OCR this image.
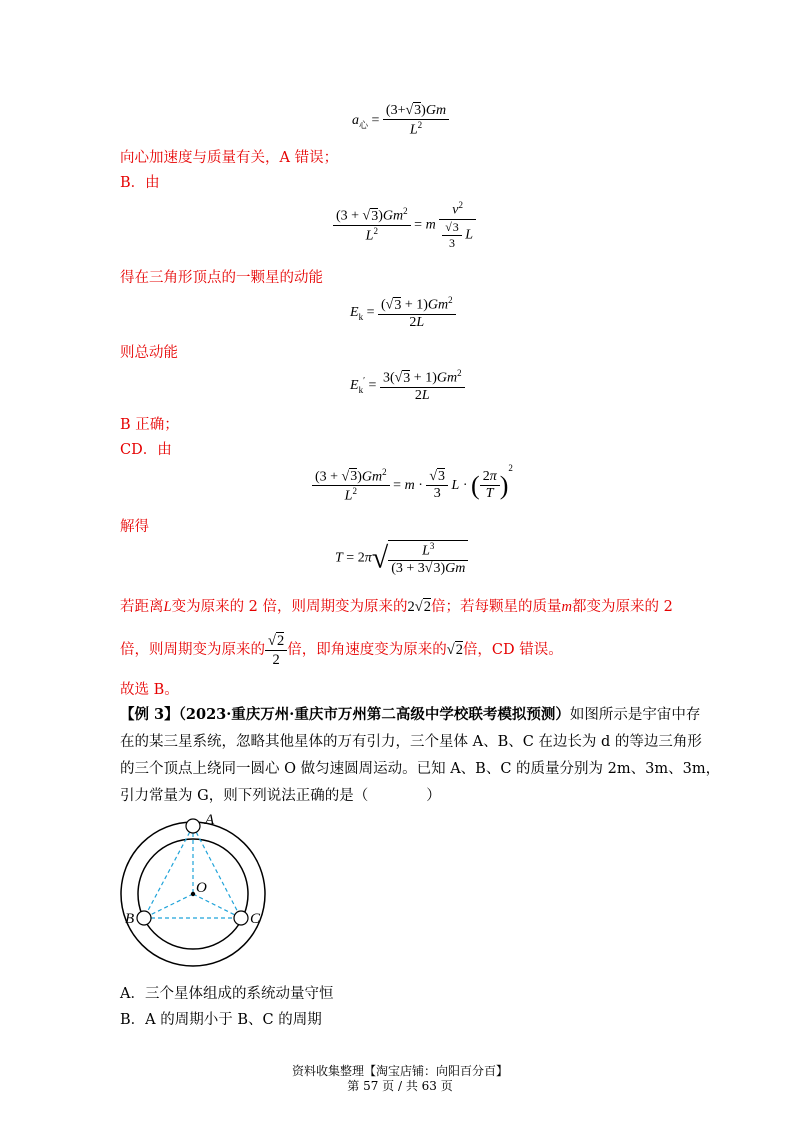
$a_心 = \frac{(3+√3)Gm}{L^2}$
向心加速度与质量有关，A 错误；
B．由
$\frac{(3 + √3)Gm^2}{L^2} = m \frac{v^2}{\frac{√3}{3} L}$
得在三角形顶点的一颗星的动能
$E_k = \frac{(√3 + 1)Gm^2}{2L}$
则总动能
$E_k' = \frac{3(√3 + 1)Gm^2}{2L}$
B 正确；
CD．由
$\frac{(3 + √3)Gm^2}{L^2} = m \cdot \frac{√3}{3}$ L · ( $\frac{2\pi}{T} )^2$
解得
$T = 2\pi√ \frac{L^3}{(3 + 3√3)Gm}$
若距离L变为原来的 2 倍，则周期变为原来的2√2倍；若每颗星的质量m都变为原来的 2
倍，则周期变为原来的 $\frac{√2}{2}$ 倍，即角速度变为原来的√2倍，CD 错误。
故选 B。
【例 3】（2023·重庆万州·重庆市万州第二高级中学校联考模拟预测）如图所示是宇宙中存
在的某三星系统，忽略其他星体的万有引力，三个星体 A、B、C 在边长为 d 的等边三角形
的三个顶点上绕同一圆心 O 做匀速圆周运动。已知 A、B、C 的质量分别为 2m、3m、3m，
引力常量为 G，则下列说法正确的是（　　　　）
A
B	C
O
A．三个星体组成的系统动量守恒
B．A 的周期小于 B、C 的周期
资料收集整理【淘宝店铺：向阳百分百】
第 57 页 / 共 63 页
